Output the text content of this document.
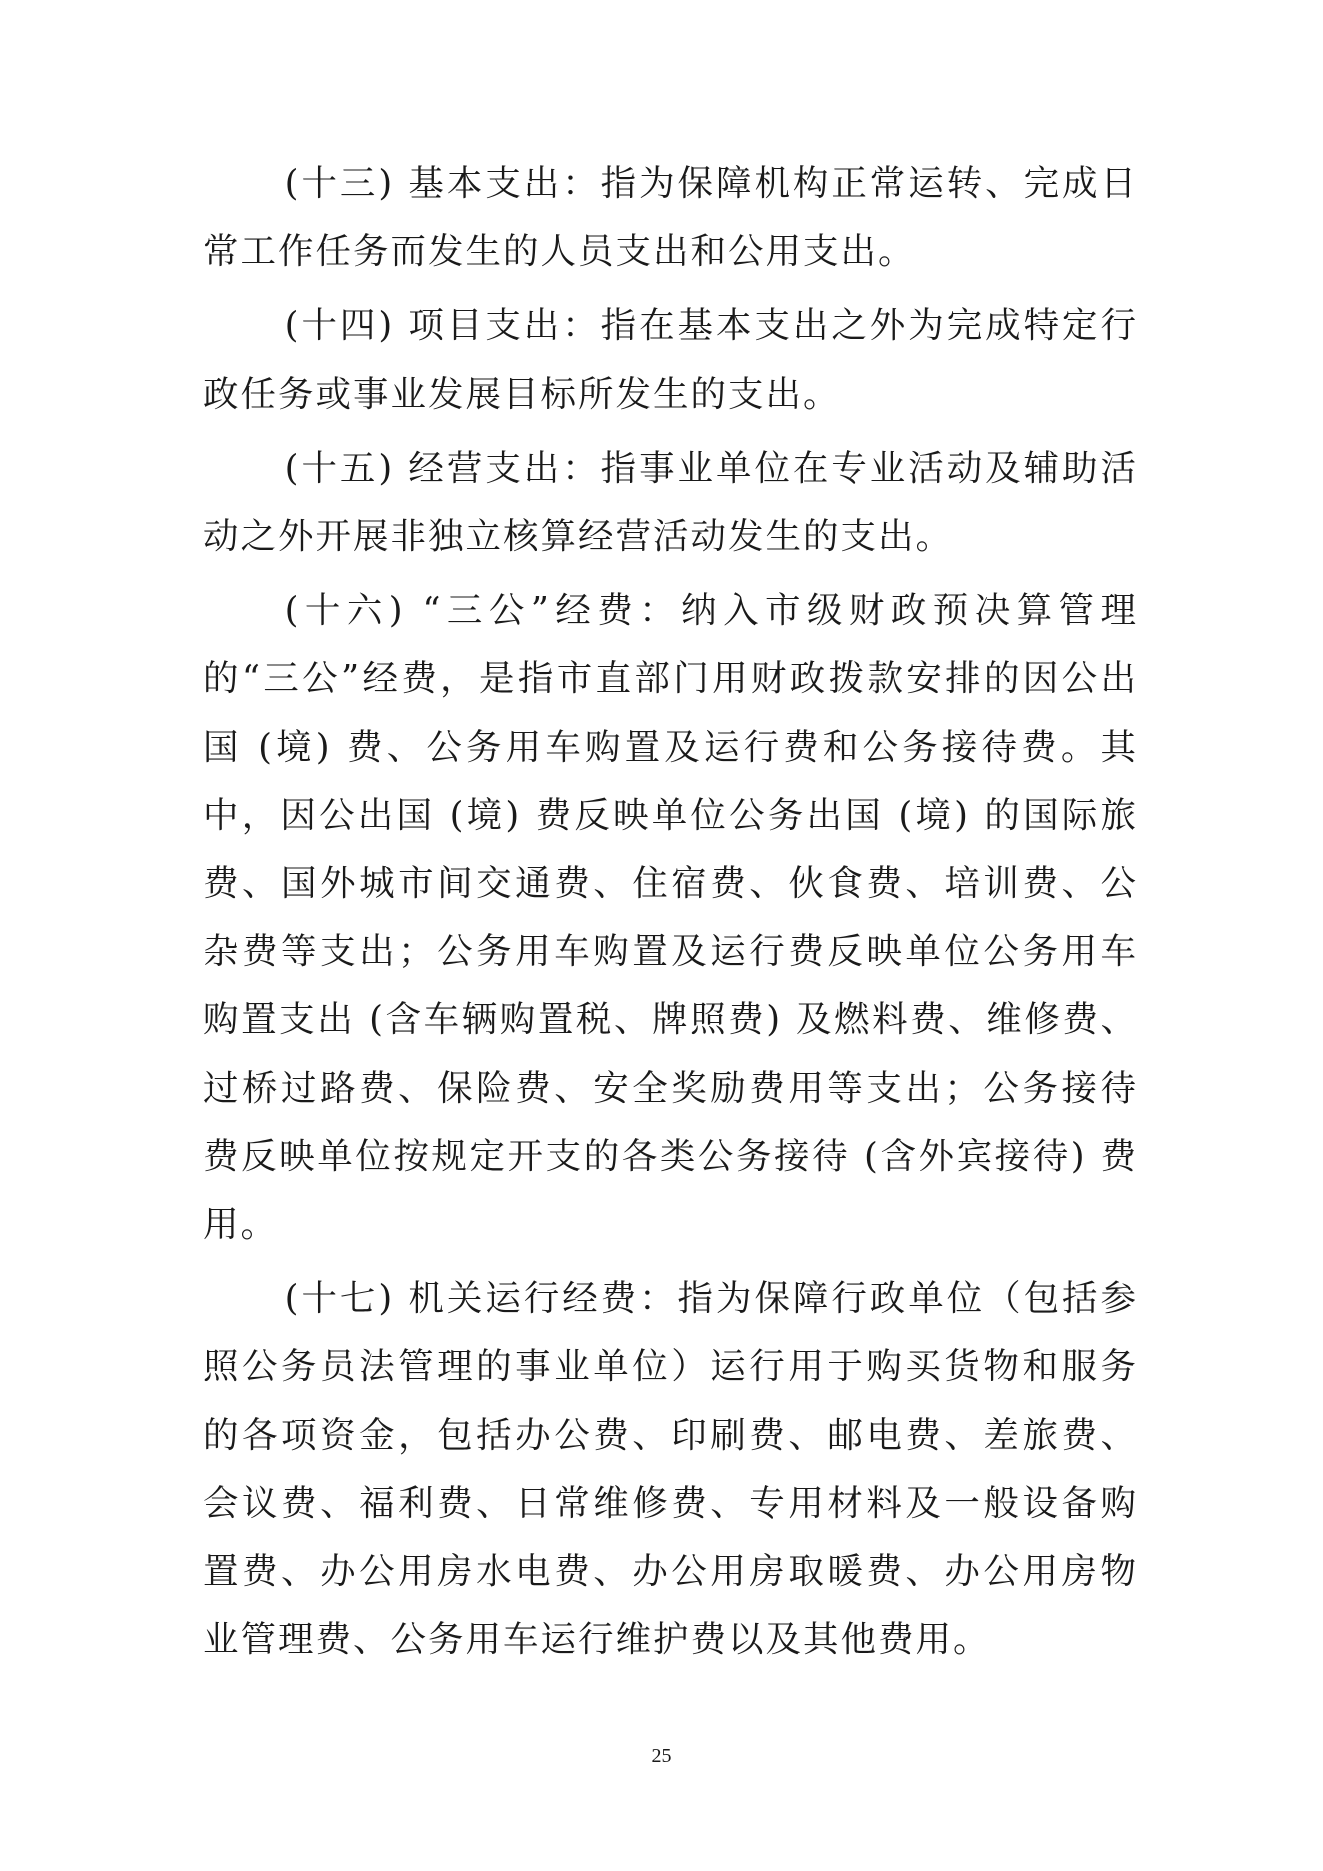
(十三) 基本支出：指为保障机构正常运转、完成日常工作任务而发生的人员支出和公用支出。

(十四) 项目支出：指在基本支出之外为完成特定行政任务或事业发展目标所发生的支出。

(十五) 经营支出：指事业单位在专业活动及辅助活动之外开展非独立核算经营活动发生的支出。

(十六) “三公”经费：纳入市级财政预决算管理的“三公”经费，是指市直部门用财政拨款安排的因公出国 (境) 费、公务用车购置及运行费和公务接待费。其中，因公出国 (境) 费反映单位公务出国 (境) 的国际旅费、国外城市间交通费、住宿费、伙食费、培训费、公杂费等支出；公务用车购置及运行费反映单位公务用车购置支出 (含车辆购置税、牌照费) 及燃料费、维修费、过桥过路费、保险费、安全奖励费用等支出；公务接待费反映单位按规定开支的各类公务接待 (含外宾接待) 费用。

(十七) 机关运行经费：指为保障行政单位（包括参照公务员法管理的事业单位）运行用于购买货物和服务的各项资金，包括办公费、印刷费、邮电费、差旅费、会议费、福利费、日常维修费、专用材料及一般设备购置费、办公用房水电费、办公用房取暖费、办公用房物业管理费、公务用车运行维护费以及其他费用。

25
